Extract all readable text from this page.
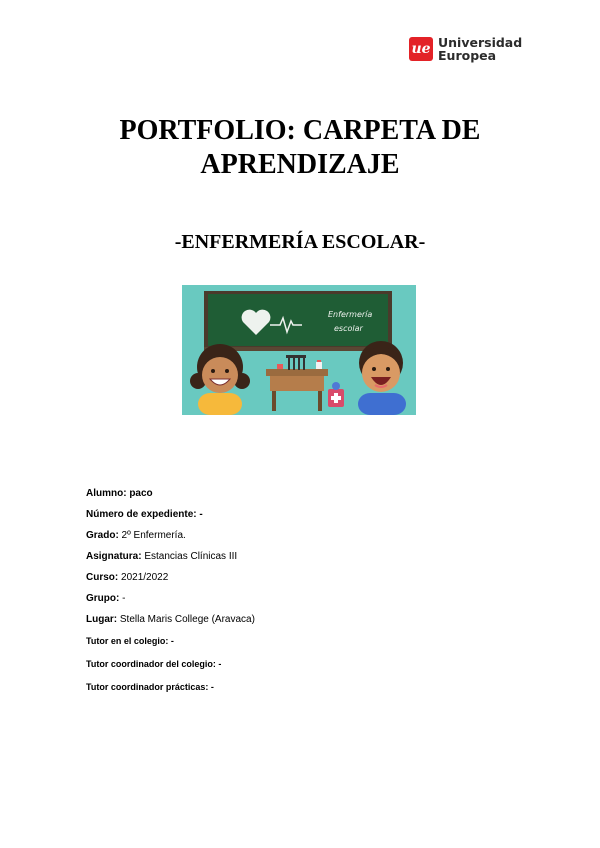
ue Universidad
Europea
PORTFOLIO: CARPETA DE
APRENDIZAJE
-ENFERMERÍA ESCOLAR-
Enfermería
escolar
Alumno: paco
Número de expediente: -
Grado: 2º Enfermería.
Asignatura: Estancias Clínicas III
Curso: 2021/2022
Grupo: -
Lugar: Stella Maris College (Aravaca)
Tutor en el colegio: -
Tutor coordinador del colegio: -
Tutor coordinador prácticas: -
